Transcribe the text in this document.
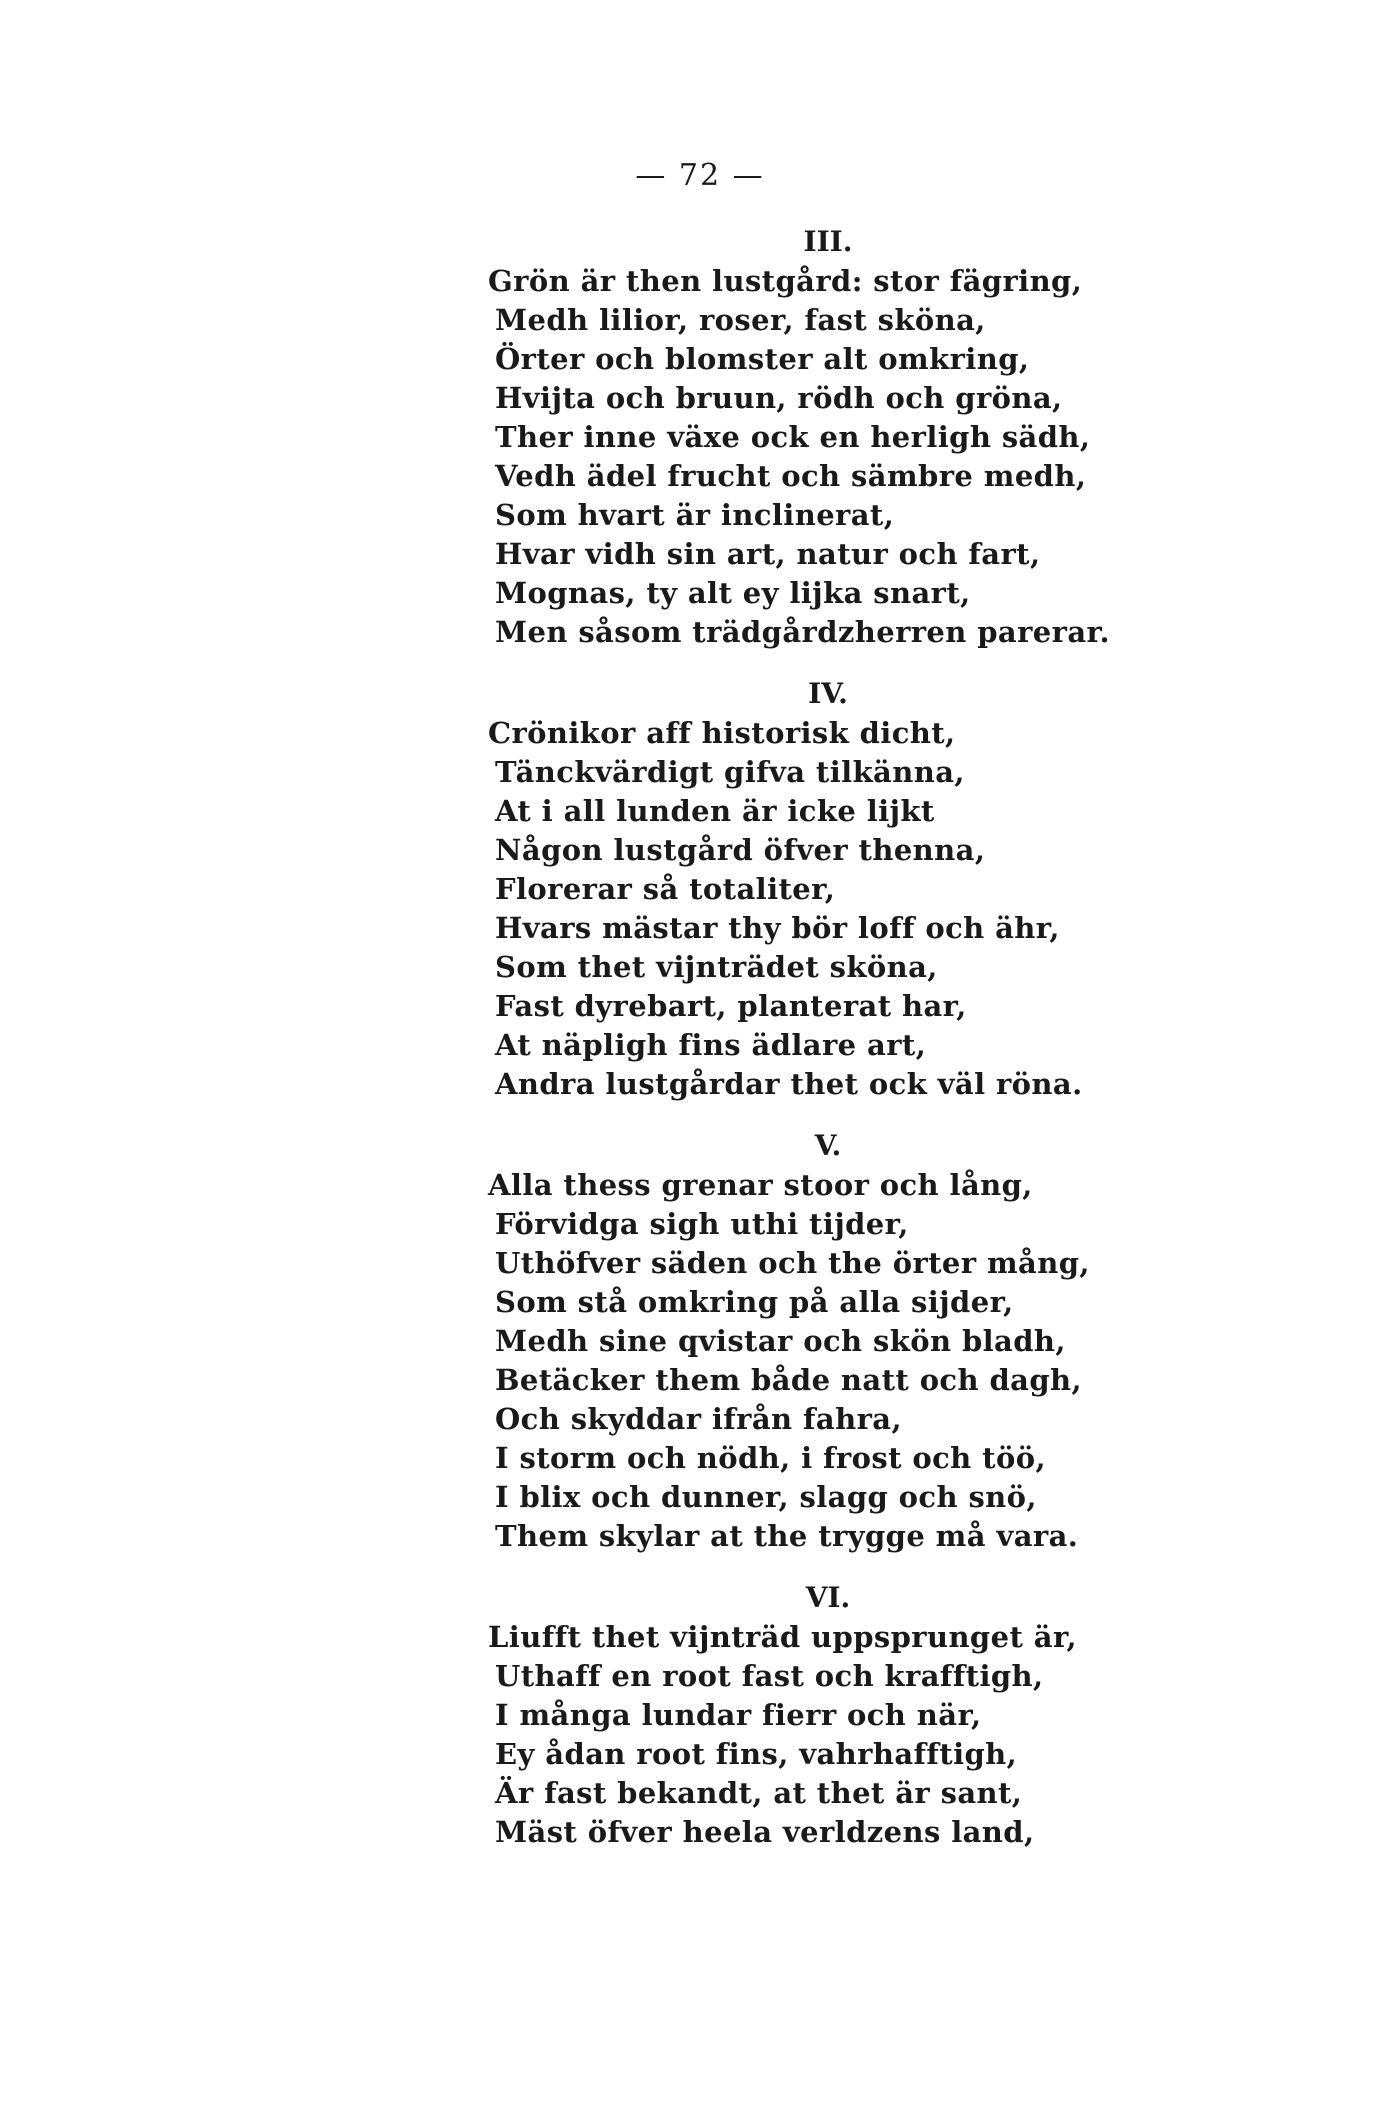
— 72 —
III.
Grön är then lustgård: stor fägring,
Medh lilior, roser, fast sköna,
Örter och blomster alt omkring,
Hvijta och bruun, rödh och gröna,
Ther inne växe ock en herligh sädh,
Vedh ädel frucht och sämbre medh,
Som hvart är inclinerat,
Hvar vidh sin art, natur och fart,
Mognas, ty alt ey lijka snart,
Men såsom trädgårdzherren parerar.
IV.
Crönikor aff historisk dicht,
Tänckvärdigt gifva tilkänna,
At i all lunden är icke lijkt
Någon lustgård öfver thenna,
Florerar så totaliter,
Hvars mästar thy bör loff och ähr,
Som thet vijnträdet sköna,
Fast dyrebart, planterat har,
At näpligh fins ädlare art,
Andra lustgårdar thet ock väl röna.
V.
Alla thess grenar stoor och lång,
Förvidga sigh uthi tijder,
Uthöfver säden och the örter mång,
Som stå omkring på alla sijder,
Medh sine qvistar och skön bladh,
Betäcker them både natt och dagh,
Och skyddar ifrån fahra,
I storm och nödh, i frost och töö,
I blix och dunner, slagg och snö,
Them skylar at the trygge må vara.
VI.
Liufft thet vijnträd uppsprunget är,
Uthaff en root fast och krafftigh,
I många lundar fierr och när,
Ey ådan root fins, vahrhafftigh,
Är fast bekandt, at thet är sant,
Mäst öfver heela verldzens land,
